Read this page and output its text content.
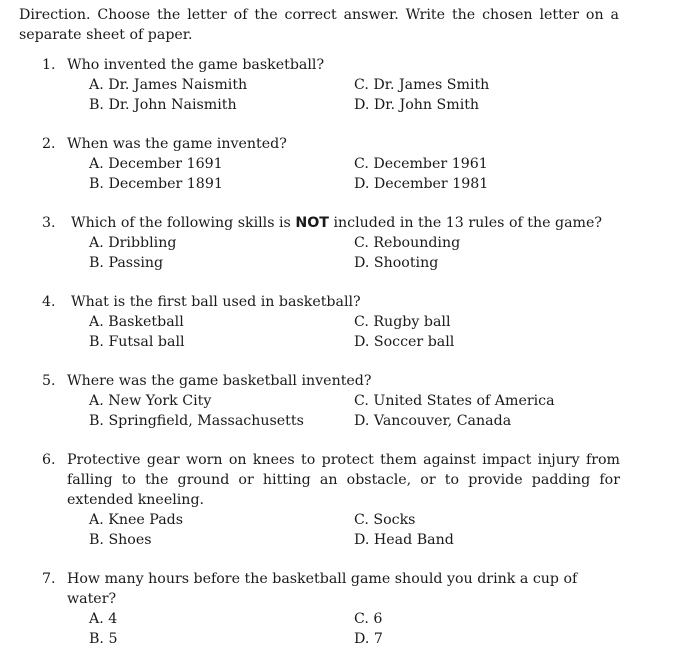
Direction. Choose the letter of the correct answer. Write the chosen letter on a separate sheet of paper.
1. Who invented the game basketball?
A. Dr. James Naismith
B. Dr. John Naismith
C. Dr. James Smith
D. Dr. John Smith
2. When was the game invented?
A. December 1691
B. December 1891
C. December 1961
D. December 1981
3.	Which of the following skills is NOT included in the 13 rules of the game?
A. Dribbling
B. Passing
C. Rebounding
D. Shooting
4.	What is the first ball used in basketball?
A. Basketball
B. Futsal ball
C. Rugby ball
D. Soccer ball
5. Where was the game basketball invented?
A. New York City
B. Springfield, Massachusetts
C. United States of America
D. Vancouver, Canada
6. Protective gear worn on knees to protect them against impact injury from falling to the ground or hitting an obstacle, or to provide padding for extended kneeling.
A. Knee Pads
B. Shoes
C. Socks
D. Head Band
7. How many hours before the basketball game should you drink a cup of water?
A. 4
B. 5
C. 6
D. 7
